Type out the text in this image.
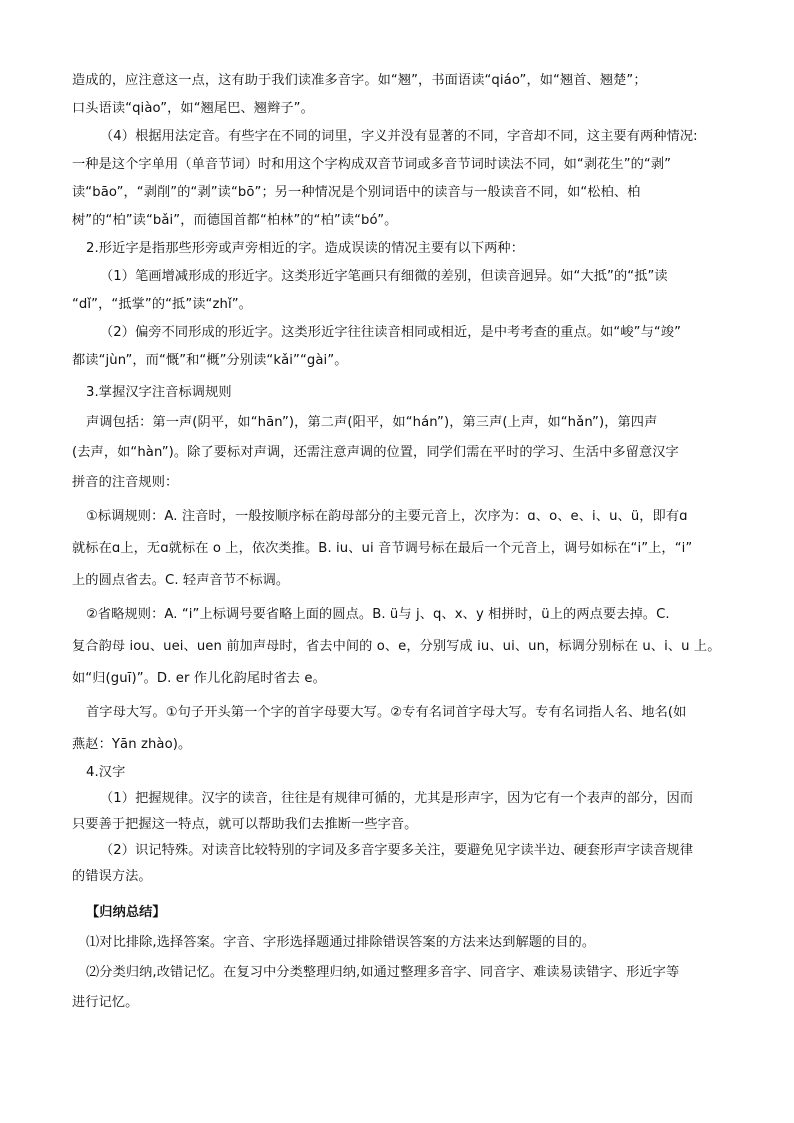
造成的，应注意这一点，这有助于我们读准多音字。如“翘”，书面语读“qiáo”，如“翘首、翘楚”；
口头语读“qiào”，如“翘尾巴、翘辫子”。
（4）根据用法定音。有些字在不同的词里，字义并没有显著的不同，字音却不同，这主要有两种情况:
一种是这个字单用（单音节词）时和用这个字构成双音节词或多音节词时读法不同，如“剥花生”的“剥”
读“bāo”，“剥削”的“剥”读“bō”；另一种情况是个别词语中的读音与一般读音不同，如“松柏、柏
树”的“柏”读“bǎi”，而德国首都“柏林”的“柏”读“bó”。
2.形近字是指那些形旁或声旁相近的字。造成误读的情况主要有以下两种：
（1）笔画增减形成的形近字。这类形近字笔画只有细微的差别，但读音迥异。如“大抵”的“抵”读
“dǐ”，“抵掌”的“抵”读“zhǐ”。
（2）偏旁不同形成的形近字。这类形近字往往读音相同或相近，是中考考查的重点。如“峻”与“竣”
都读“jùn”，而“慨”和“概”分别读“kǎi”“gài”。
3.掌握汉字注音标调规则
声调包括：第一声(阴平，如“hān”)，第二声(阳平，如“hán”)，第三声(上声，如“hǎn”)，第四声
(去声，如“hàn”)。除了要标对声调，还需注意声调的位置，同学们需在平时的学习、生活中多留意汉字
拼音的注音规则：
①标调规则：A. 注音时，一般按顺序标在韵母部分的主要元音上，次序为：ɑ、o、e、i、u、ü，即有ɑ
就标在ɑ上，无ɑ就标在 o 上，依次类推。B. iu、ui 音节调号标在最后一个元音上，调号如标在“i”上，“i”
上的圆点省去。C. 轻声音节不标调。
②省略规则：A. “i”上标调号要省略上面的圆点。B. ü与 j、q、x、y 相拼时，ü上的两点要去掉。C.
复合韵母 iou、uei、uen 前加声母时，省去中间的 o、e，分别写成 iu、ui、un，标调分别标在 u、i、u 上。
如“归(guī)”。D. er 作儿化韵尾时省去 e。
首字母大写。①句子开头第一个字的首字母要大写。②专有名词首字母大写。专有名词指人名、地名(如
燕赵：Yān zhào)。
4.汉字
（1）把握规律。汉字的读音，往往是有规律可循的，尤其是形声字，因为它有一个表声的部分，因而
只要善于把握这一特点，就可以帮助我们去推断一些字音。
（2）识记特殊。对读音比较特别的字词及多音字要多关注，要避免见字读半边、硬套形声字读音规律
的错误方法。
【归纳总结】
⑴对比排除,选择答案。字音、字形选择题通过排除错误答案的方法来达到解题的目的。
⑵分类归纳,改错记忆。在复习中分类整理归纳,如通过整理多音字、同音字、难读易读错字、形近字等
进行记忆。
